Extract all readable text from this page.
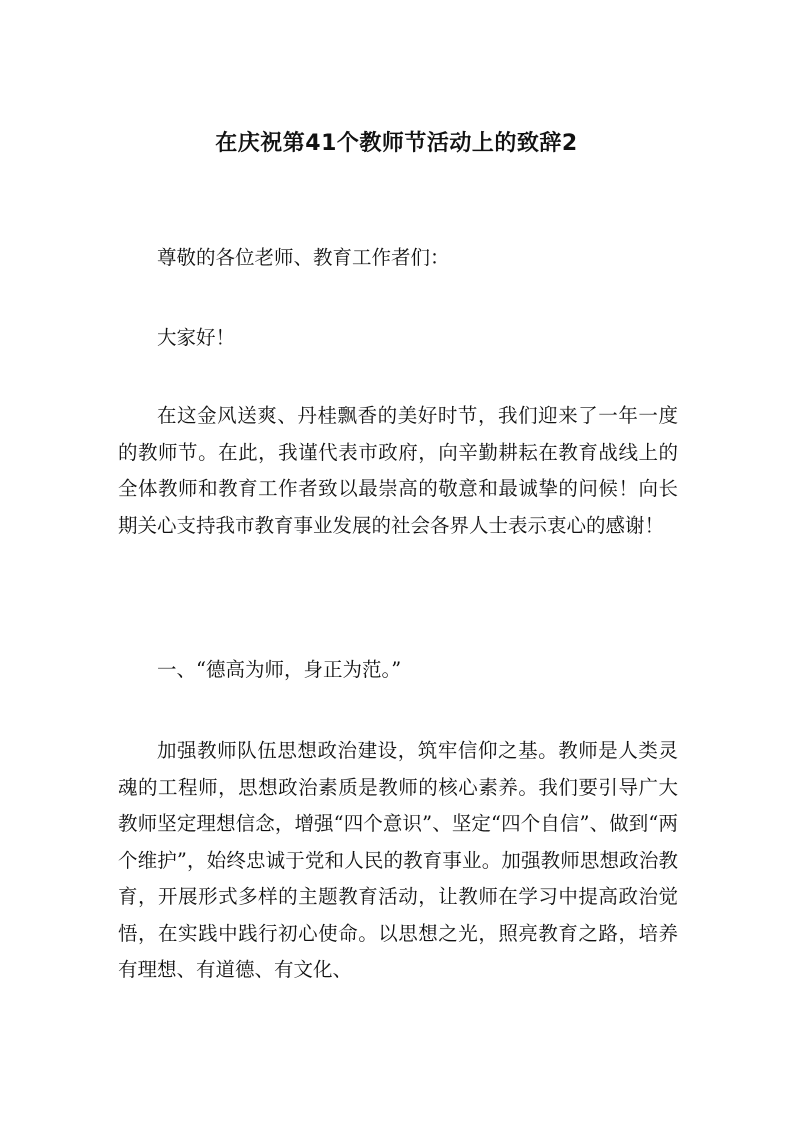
在庆祝第41个教师节活动上的致辞2

尊敬的各位老师、教育工作者们：

大家好！

在这金风送爽、丹桂飘香的美好时节，我们迎来了一年一度的教师节。在此，我谨代表市政府，向辛勤耕耘在教育战线上的全体教师和教育工作者致以最崇高的敬意和最诚挚的问候！向长期关心支持我市教育事业发展的社会各界人士表示衷心的感谢！

一、“德高为师，身正为范。”

加强教师队伍思想政治建设，筑牢信仰之基。教师是人类灵魂的工程师，思想政治素质是教师的核心素养。我们要引导广大教师坚定理想信念，增强“四个意识”、坚定“四个自信”、做到“两个维护”，始终忠诚于党和人民的教育事业。加强教师思想政治教育，开展形式多样的主题教育活动，让教师在学习中提高政治觉悟，在实践中践行初心使命。以思想之光，照亮教育之路，培养有理想、有道德、有文化、
